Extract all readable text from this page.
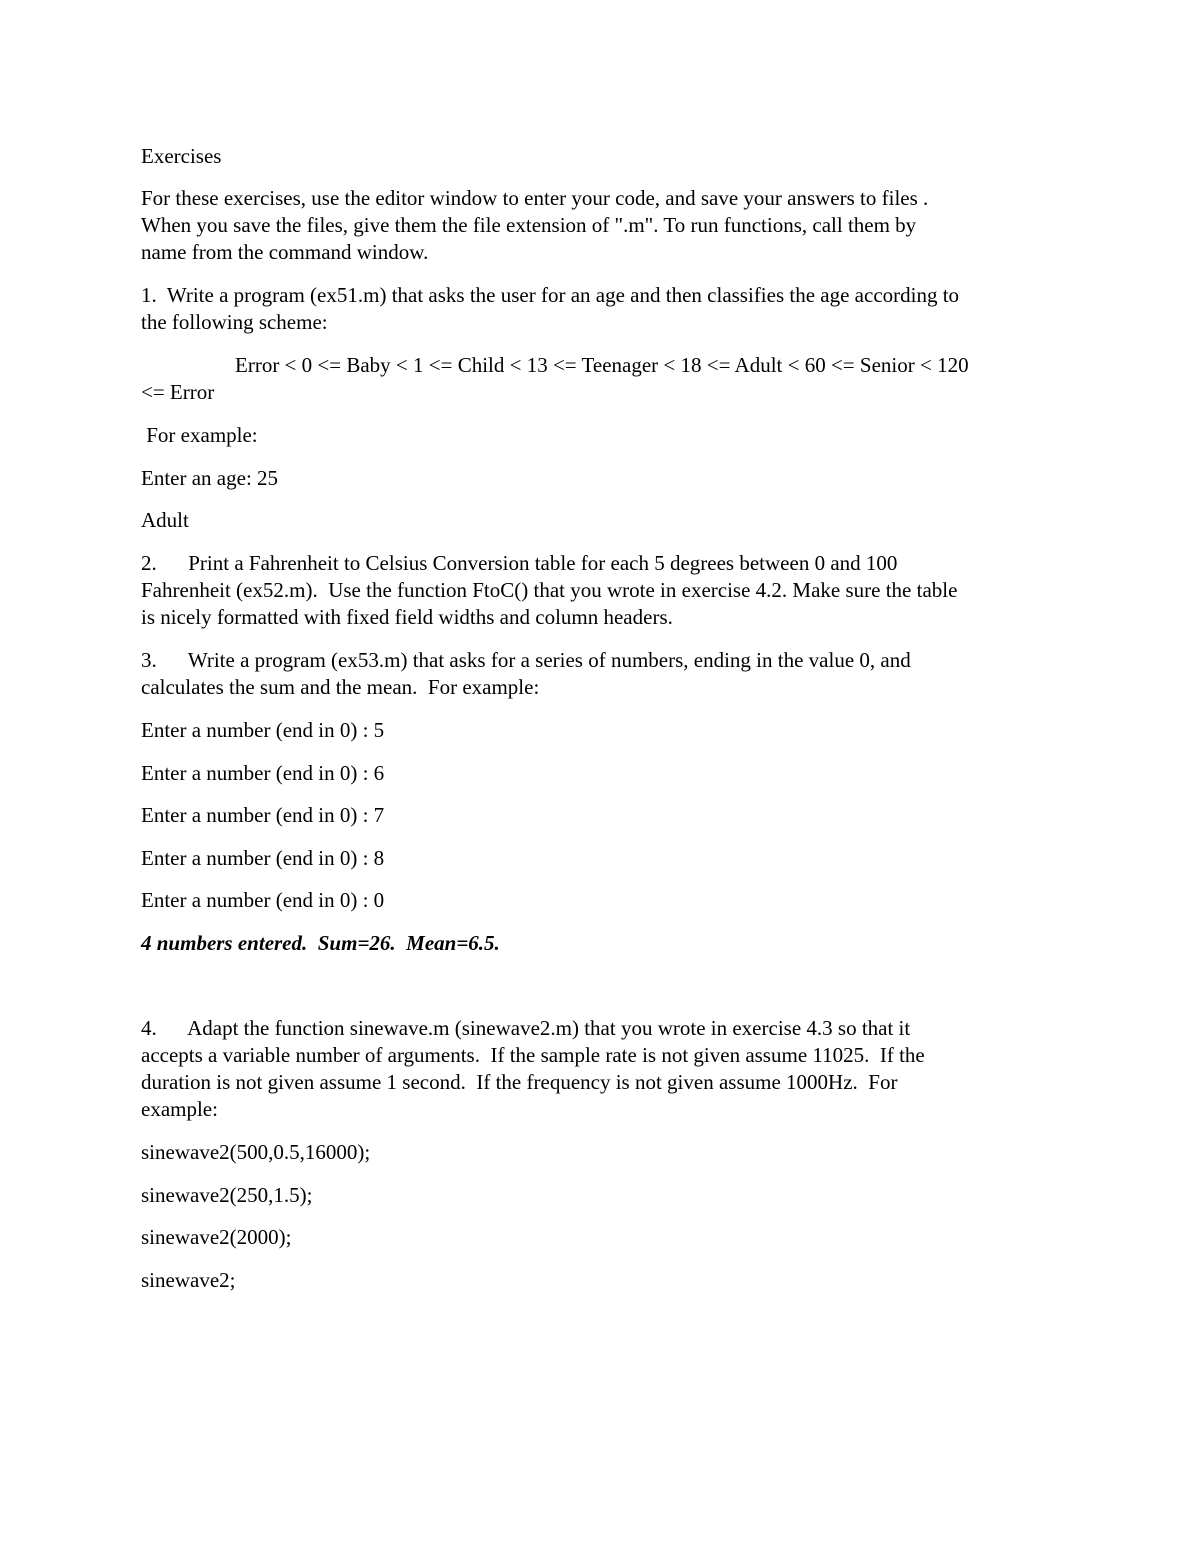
Exercises

For these exercises, use the editor window to enter your code, and save your answers to files .

When you save the files, give them the file extension of ".m". To run functions, call them by

name from the command window.

1.  Write a program (ex51.m) that asks the user for an age and then classifies the age according to

the following scheme:

Error < 0 <= Baby < 1 <= Child < 13 <= Teenager < 18 <= Adult < 60 <= Senior < 120

<= Error

For example:

Enter an age: 25

Adult

2.      Print a Fahrenheit to Celsius Conversion table for each 5 degrees between 0 and 100

Fahrenheit (ex52.m).  Use the function FtoC() that you wrote in exercise 4.2. Make sure the table

is nicely formatted with fixed field widths and column headers.

3.      Write a program (ex53.m) that asks for a series of numbers, ending in the value 0, and

calculates the sum and the mean.  For example:

Enter a number (end in 0) : 5

Enter a number (end in 0) : 6

Enter a number (end in 0) : 7

Enter a number (end in 0) : 8

Enter a number (end in 0) : 0

4 numbers entered.  Sum=26.  Mean=6.5.

4.      Adapt the function sinewave.m (sinewave2.m) that you wrote in exercise 4.3 so that it

accepts a variable number of arguments.  If the sample rate is not given assume 11025.  If the

duration is not given assume 1 second.  If the frequency is not given assume 1000Hz.  For

example:

sinewave2(500,0.5,16000);

sinewave2(250,1.5);

sinewave2(2000);

sinewave2;
